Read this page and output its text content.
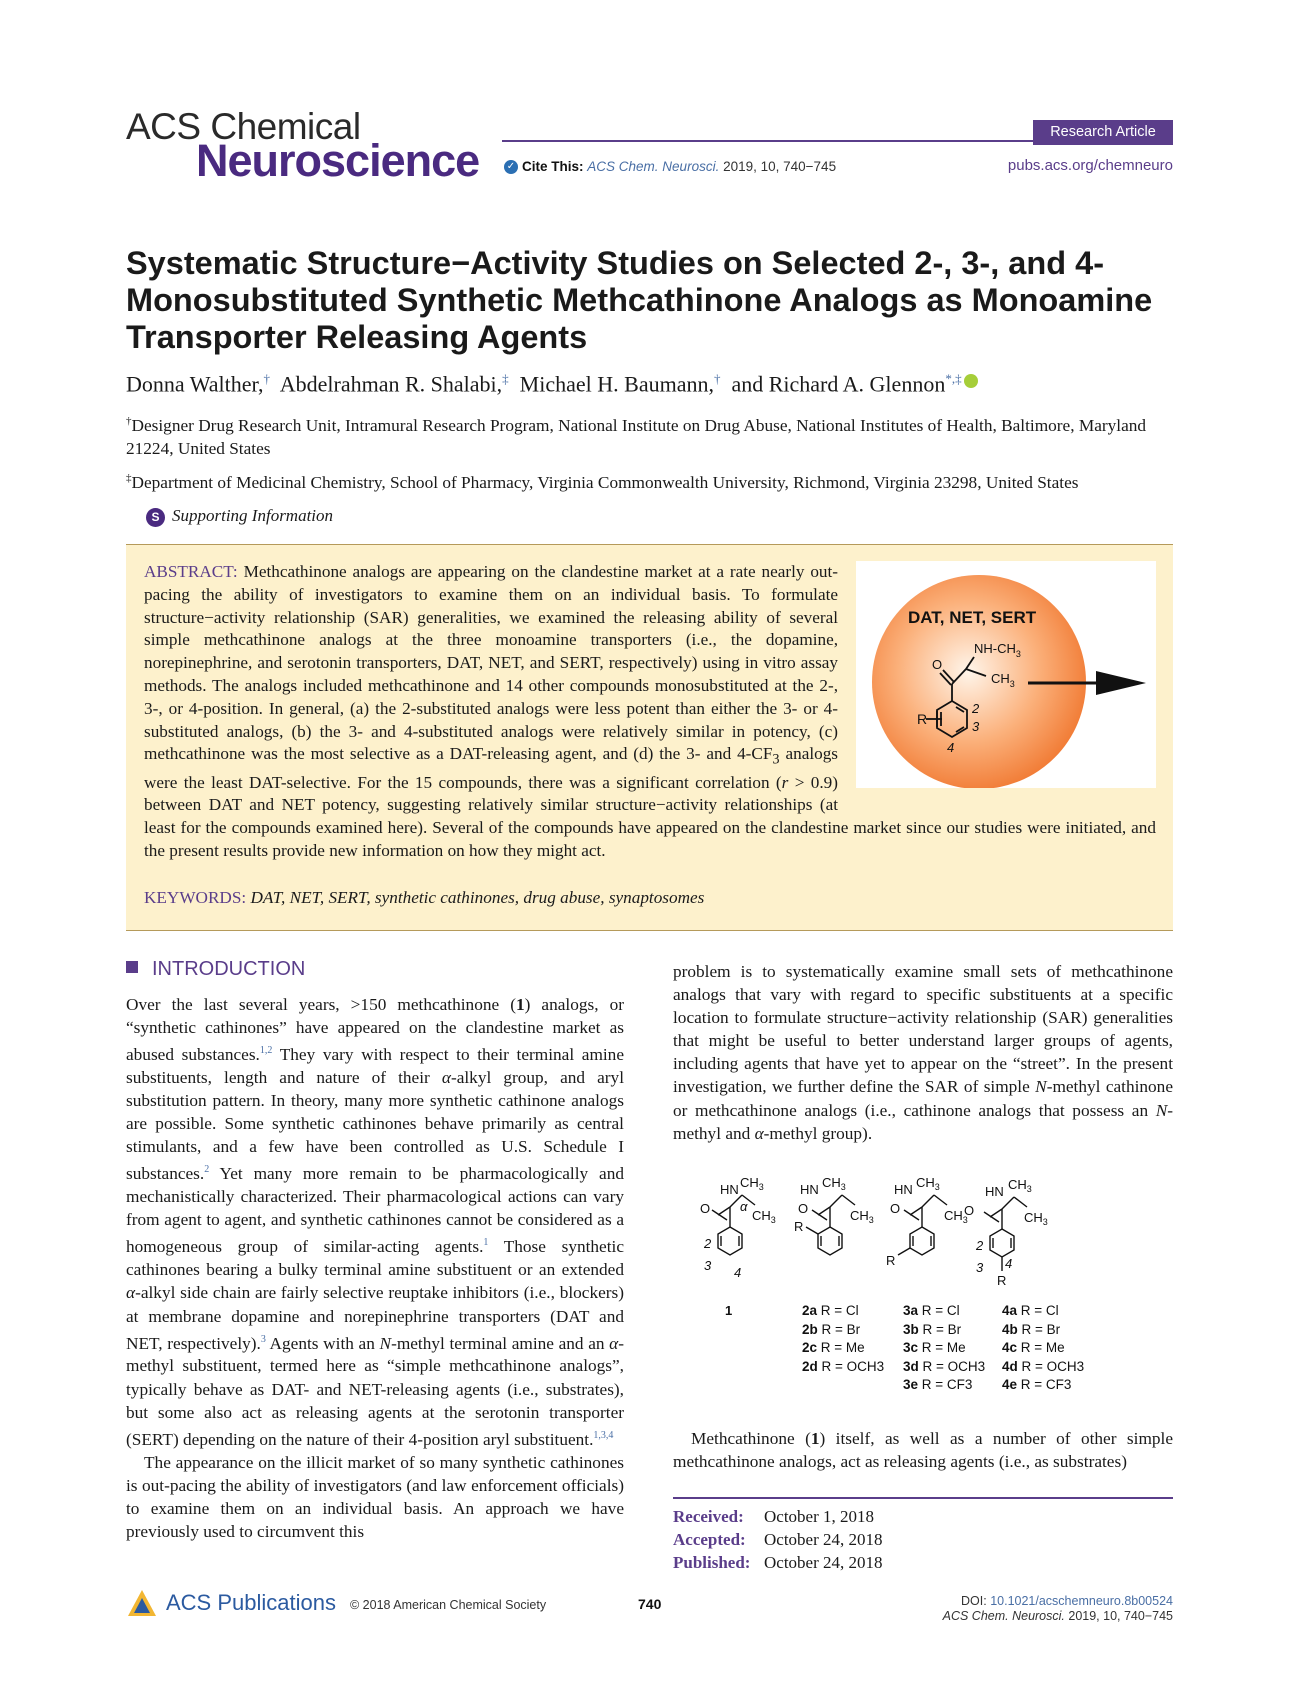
ACS Chemical
Neuroscience	✓ Cite This: ACS Chem. Neurosci. 2019, 10, 740−745
Research Article
pubs.acs.org/chemneuro
Systematic Structure−Activity Studies on Selected 2-, 3-, and 4-Monosubstituted Synthetic Methcathinone Analogs as Monoamine Transporter Releasing Agents
Donna Walther,† Abdelrahman R. Shalabi,‡ Michael H. Baumann,† and Richard A. Glennon*,‡
†Designer Drug Research Unit, Intramural Research Program, National Institute on Drug Abuse, National Institutes of Health, Baltimore, Maryland 21224, United States
‡Department of Medicinal Chemistry, School of Pharmacy, Virginia Commonwealth University, Richmond, Virginia 23298, United States
S Supporting Information
DAT, NET, SERT
$NH-CH_3$
$CH_3$
O
R
2
3
4
ABSTRACT: Methcathinone analogs are appearing on the clandestine market at a rate nearly out-pacing the ability of investigators to examine them on an individual basis. To formulate structure−activity relationship (SAR) generalities, we examined the releasing ability of several simple methcathinone analogs at the three monoamine transporters (i.e., the dopamine, norepinephrine, and serotonin transporters, DAT, NET, and SERT, respectively) using in vitro assay methods. The analogs included methcathinone and 14 other compounds monosubstituted at the 2-, 3-, or 4-position. In general, (a) the 2-substituted analogs were less potent than either the 3- or 4-substituted analogs, (b) the 3- and 4-substituted analogs were relatively similar in potency, (c) methcathinone was the most selective as a DAT-releasing agent, and (d) the 3- and $4-CF_3$ analogs were the least DAT-selective. For the 15 compounds, there was a significant correlation (r > 0.9) between DAT and NET potency, suggesting relatively similar structure−activity relationships (at least for the compounds examined here). Several of the compounds have appeared on the clandestine market since our studies were initiated, and the present results provide new information on how they might act.
KEYWORDS: DAT, NET, SERT, synthetic cathinones, drug abuse, synaptosomes
INTRODUCTION
Over the last several years, >150 methcathinone (1) analogs, or “synthetic cathinones” have appeared on the clandestine market as abused substances.$^{1,2}$ They vary with respect to their terminal amine substituents, length and nature of their α-alkyl group, and aryl substitution pattern. In theory, many more synthetic cathinone analogs are possible. Some synthetic cathinones behave primarily as central stimulants, and a few have been controlled as U.S. Schedule I substances.$^2$ Yet many more remain to be pharmacologically and mechanistically characterized. Their pharmacological actions can vary from agent to agent, and synthetic cathinones cannot be considered as a homogeneous group of similar-acting agents.$^1$ Those synthetic cathinones bearing a bulky terminal amine substituent or an extended α-alkyl side chain are fairly selective reuptake inhibitors (i.e., blockers) at membrane dopamine and norepinephrine transporters (DAT and NET, respectively).$^3$ Agents with an N-methyl terminal amine and an α-methyl substituent, termed here as “simple methcathinone analogs”, typically behave as DAT- and NET-releasing agents (i.e., substrates), but some also act as releasing agents at the serotonin transporter (SERT) depending on the nature of their 4-position aryl substituent.$^{1,3,4}$
The appearance on the illicit market of so many synthetic cathinones is out-pacing the ability of investigators (and law enforcement officials) to examine them on an individual basis. An approach we have previously used to circumvent this
problem is to systematically examine small sets of methcathinone analogs that vary with regard to specific substituents at a specific location to formulate structure−activity relationship (SAR) generalities that might be useful to better understand larger groups of agents, including agents that have yet to appear on the “street”. In the present investigation, we further define the SAR of simple N-methyl cathinone or methcathinone analogs (i.e., cathinone analogs that possess an N-methyl and α-methyl group).
HN $CH_3$
$CH_3$
α
O
2
3 4
1
HN $CH_3$
$CH_3$
O
R
HN $CH_3$
$CH_3$
O
R
HN $CH_3$
$CH_3$
O
2
3 4
R
2a R = Cl
2b R = Br
2c R = Me
2d R = OCH3
3a R = Cl
3b R = Br
3c R = Me
3d R = OCH3
3e R = CF3
4a R = Cl
4b R = Br
4c R = Me
4d R = OCH3
4e R = CF3
Methcathinone (1) itself, as well as a number of other simple methcathinone analogs, act as releasing agents (i.e., as substrates)
Received: October 1, 2018
Accepted: October 24, 2018
Published: October 24, 2018
ACS Publications © 2018 American Chemical Society	740	DOI: 10.1021/acschemneuro.8b00524
ACS Chem. Neurosci. 2019, 10, 740−745
